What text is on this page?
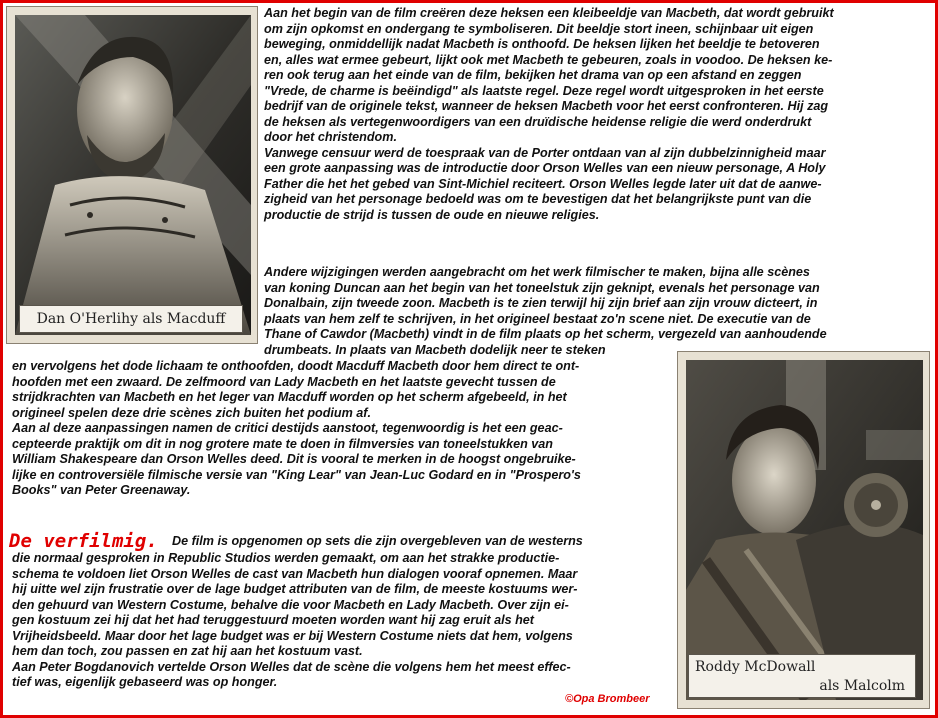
Dan O'Herlihy als Macduff

Aan het begin van de film creëren deze heksen een kleibeeldje van Macbeth, dat wordt gebruikt
om zijn opkomst en ondergang te symboliseren. Dit beeldje stort ineen, schijnbaar uit eigen
beweging, onmiddellijk nadat Macbeth is onthoofd. De heksen lijken het beeldje te betoveren
en, alles wat ermee gebeurt, lijkt ook met Macbeth te gebeuren, zoals in voodoo. De heksen ke-
ren ook terug aan het einde van de film, bekijken het drama van op een afstand en zeggen
"Vrede, de charme is beëindigd" als laatste regel. Deze regel wordt uitgesproken in het eerste
bedrijf van de originele tekst, wanneer de heksen Macbeth voor het eerst confronteren. Hij zag
de heksen als vertegenwoordigers van een druïdische heidense religie die werd onderdrukt
door het christendom.
Vanwege censuur werd de toespraak van de Porter ontdaan van al zijn dubbelzinnigheid maar
een grote aanpassing was de introductie door Orson Welles van een nieuw personage, A Holy
Father die het het gebed van Sint-Michiel reciteert. Orson Welles legde later uit dat de aanwe-
zigheid van het personage bedoeld was om te bevestigen dat het belangrijkste punt van die
productie de strijd is tussen de oude en nieuwe religies.

Andere wijzigingen werden aangebracht om het werk filmischer te maken, bijna alle scènes
van koning Duncan aan het begin van het toneelstuk zijn geknipt, evenals het personage van
Donalbain, zijn tweede zoon. Macbeth is te zien terwijl hij zijn brief aan zijn vrouw dicteert, in
plaats van hem zelf te schrijven, in het origineel bestaat zo'n scene niet. De executie van de
Thane of Cawdor (Macbeth) vindt in de film plaats op het scherm, vergezeld van aanhoudende
drumbeats. In plaats van Macbeth dodelijk neer te steken

en vervolgens het dode lichaam te onthoofden, doodt Macduff Macbeth door hem direct te ont-
hoofden met een zwaard. De zelfmoord van Lady Macbeth en het laatste gevecht tussen de
strijdkrachten van Macbeth en het leger van Macduff worden op het scherm afgebeeld, in het
origineel spelen deze drie scènes zich buiten het podium af.
Aan al deze aanpassingen namen de critici destijds aanstoot, tegenwoordig is het een geac-
cepteerde praktijk om dit in nog grotere mate te doen in filmversies van toneelstukken van
William Shakespeare dan Orson Welles deed. Dit is vooral te merken in de hoogst ongebruike-
lijke en controversiële filmische versie van "King Lear" van Jean-Luc Godard en in "Prospero's
Books" van Peter Greenaway.

Roddy McDowall
als Malcolm
De verfilmig. De film is opgenomen op sets die zijn overgebleven van de westerns

die normaal gesproken in Republic Studios werden gemaakt, om aan het strakke productie-
schema te voldoen liet Orson Welles de cast van Macbeth hun dialogen vooraf opnemen. Maar
hij uitte wel zijn frustratie over de lage budget attributen van de film, de meeste kostuums wer-
den gehuurd van Western Costume, behalve die voor Macbeth en Lady Macbeth. Over zijn ei-
gen kostuum zei hij dat het had teruggestuurd moeten worden want hij zag eruit als het
Vrijheidsbeeld. Maar door het lage budget was er bij Western Costume niets dat hem, volgens
hem dan toch, zou passen en zat hij aan het kostuum vast.
Aan Peter Bogdanovich vertelde Orson Welles dat de scène die volgens hem het meest effec-
tief was, eigenlijk gebaseerd was op honger.

©Opa Brombeer
